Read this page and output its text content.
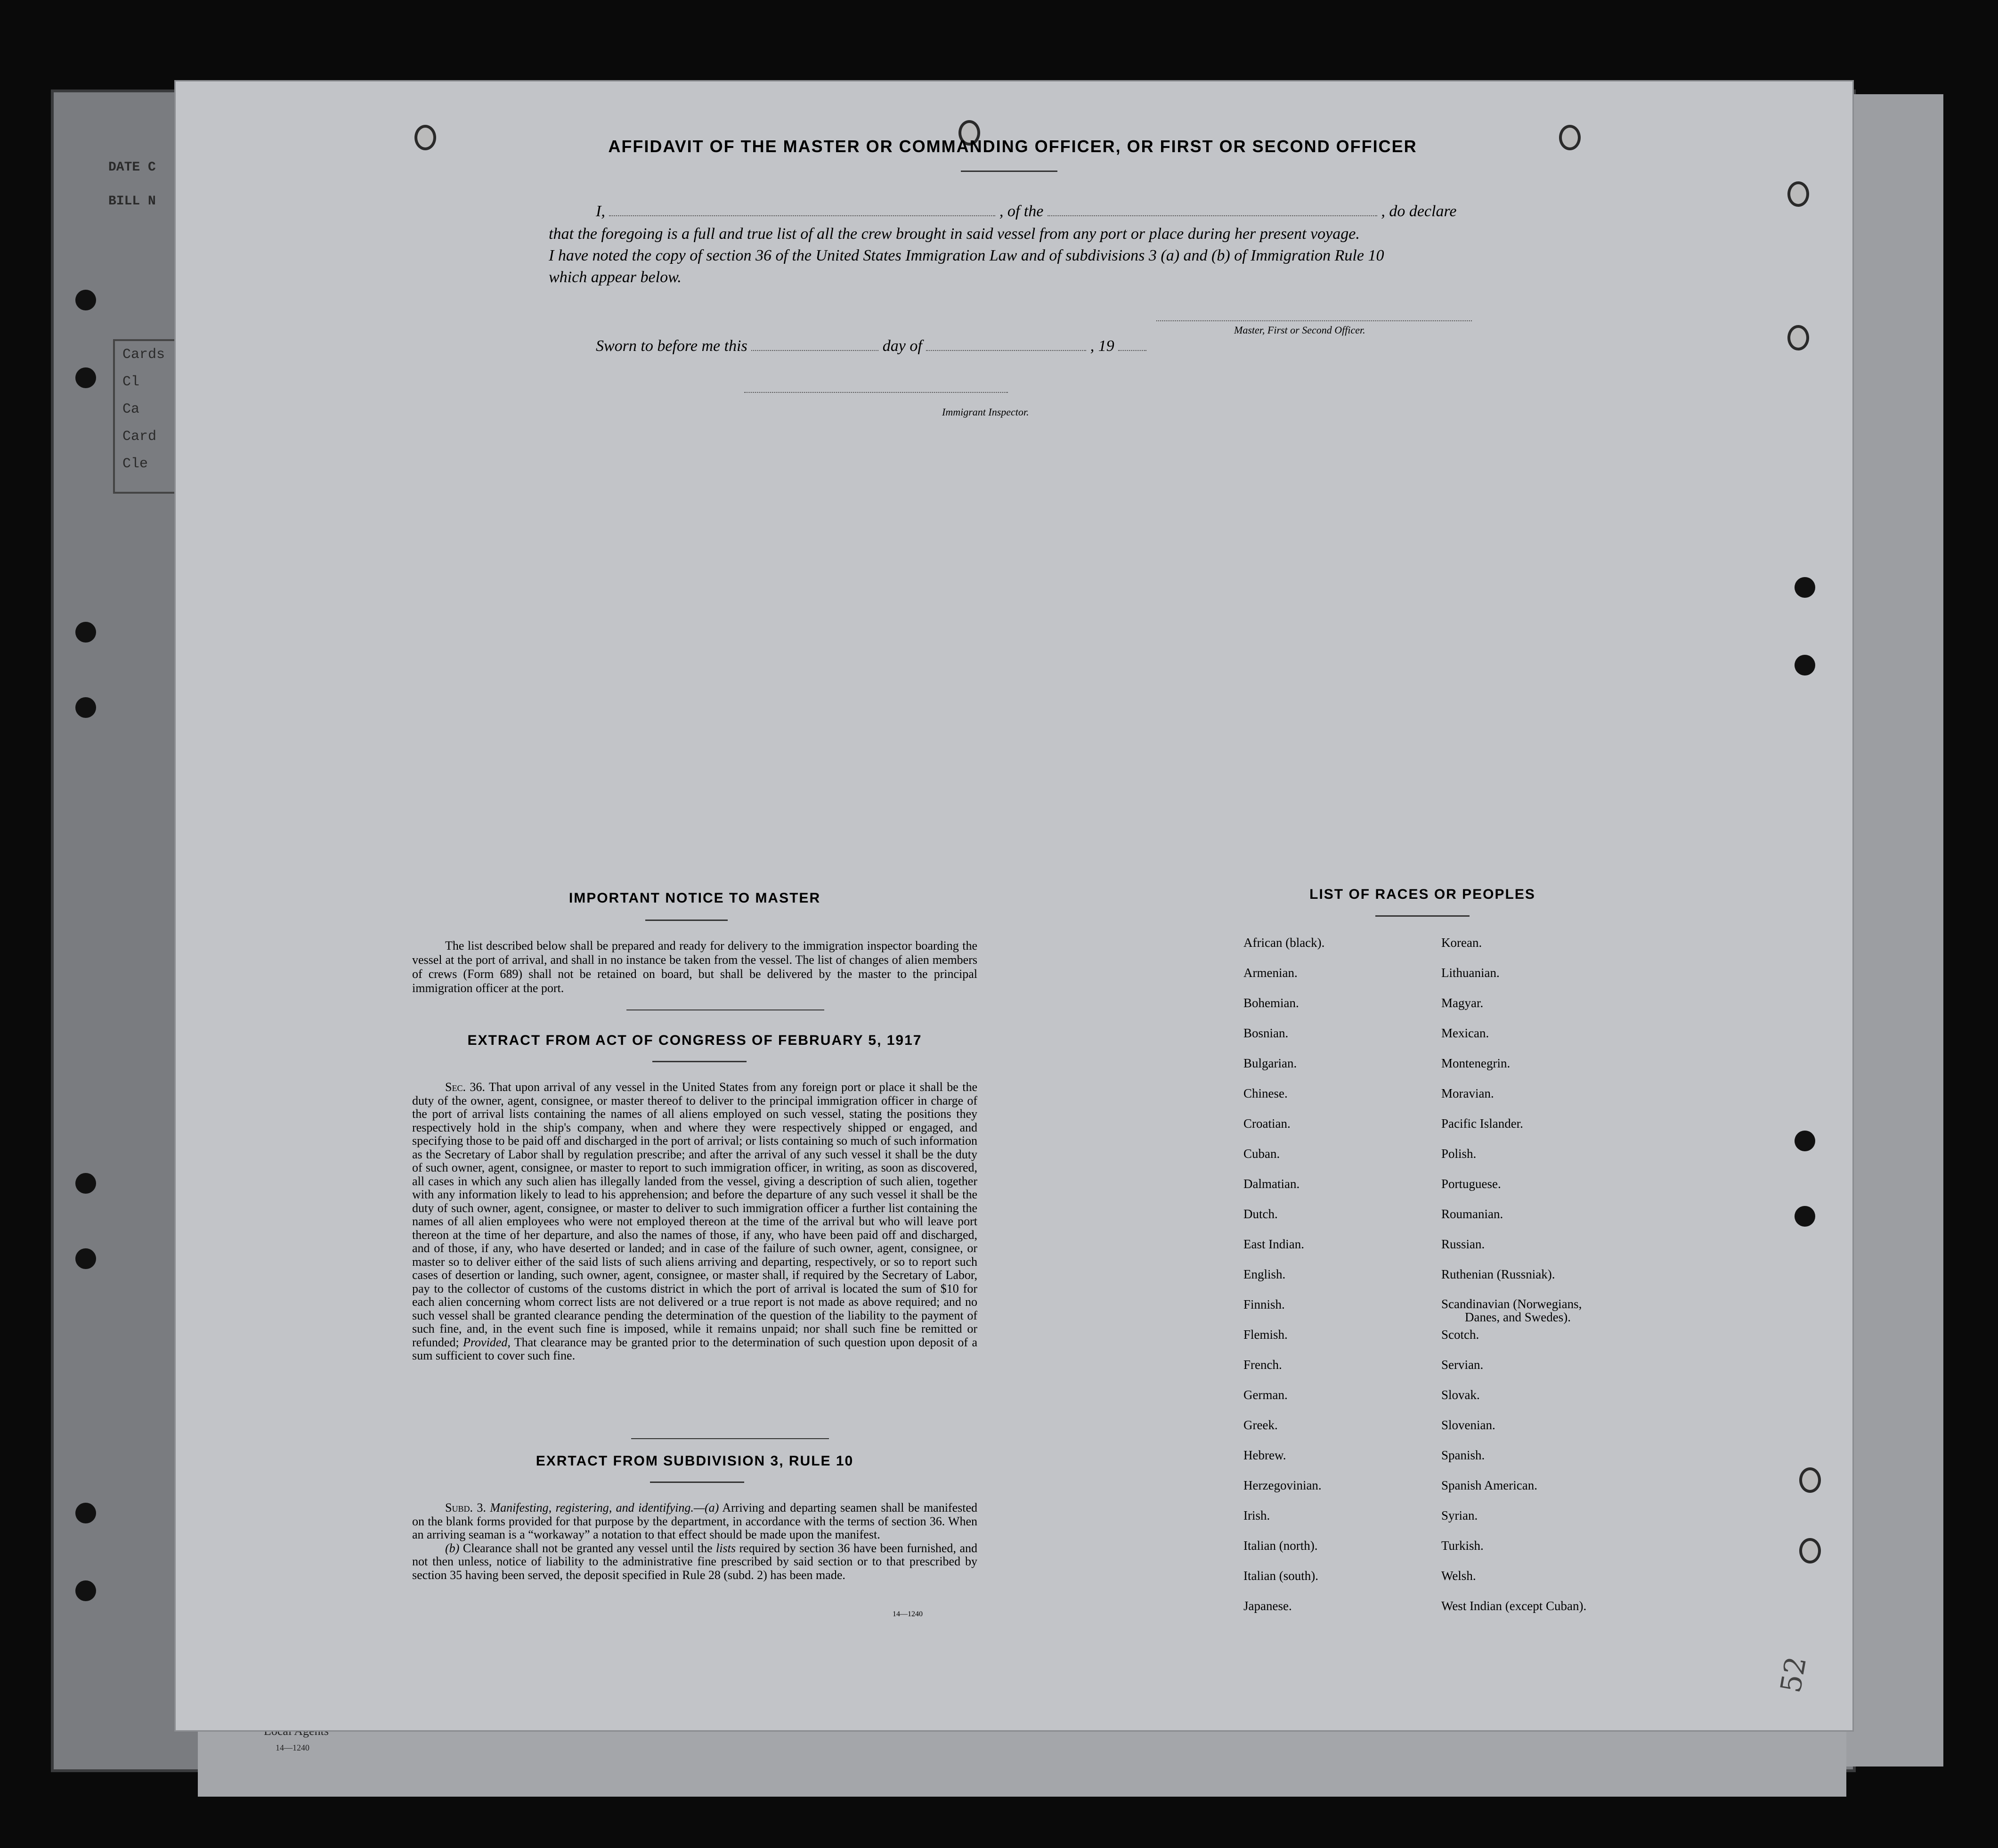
DATE C
BILL N
Cards
Cl
Ca
Card
Cle
14—1240
AFFIDAVIT OF THE MASTER OR COMMANDING OFFICER, OR FIRST OR SECOND OFFICER
I,	, of the	, do declare
that the foregoing is a full and true list of all the crew brought in said vessel from any port or place during her present voyage.
I have noted the copy of section 36 of the United States Immigration Law and of subdivisions 3 (a) and (b) of Immigration Rule 10
which appear below.
Master, First or Second Officer.
Sworn to before me this	day of	, 19
Immigrant Inspector.
IMPORTANT NOTICE TO MASTER
The list described below shall be prepared and ready for delivery to the immigration inspector boarding the vessel at the port of arrival, and shall in no instance be taken from the vessel. The list of changes of alien members of crews (Form 689) shall not be retained on board, but shall be delivered by the master to the principal immigration officer at the port.
EXTRACT FROM ACT OF CONGRESS OF FEBRUARY 5, 1917
Sec. 36. That upon arrival of any vessel in the United States from any foreign port or place it shall be the duty of the owner, agent, consignee, or master thereof to deliver to the principal immigration officer in charge of the port of arrival lists containing the names of all aliens employed on such vessel, stating the positions they respectively hold in the ship's company, when and where they were respectively shipped or engaged, and specifying those to be paid off and discharged in the port of arrival; or lists containing so much of such information as the Secretary of Labor shall by regulation prescribe; and after the arrival of any such vessel it shall be the duty of such owner, agent, consignee, or master to report to such immigration officer, in writing, as soon as discovered, all cases in which any such alien has illegally landed from the vessel, giving a description of such alien, together with any information likely to lead to his apprehension; and before the departure of any such vessel it shall be the duty of such owner, agent, consignee, or master to deliver to such immigration officer a further list containing the names of all alien employees who were not employed thereon at the time of the arrival but who will leave port thereon at the time of her departure, and also the names of those, if any, who have been paid off and discharged, and of those, if any, who have deserted or landed; and in case of the failure of such owner, agent, consignee, or master so to deliver either of the said lists of such aliens arriving and departing, respectively, or so to report such cases of desertion or landing, such owner, agent, consignee, or master shall, if required by the Secretary of Labor, pay to the collector of customs of the customs district in which the port of arrival is located the sum of $10 for each alien concerning whom correct lists are not delivered or a true report is not made as above required; and no such vessel shall be granted clearance pending the determination of the question of the liability to the payment of such fine, and, in the event such fine is imposed, while it remains unpaid; nor shall such fine be remitted or refunded; Provided, That clearance may be granted prior to the determination of such question upon deposit of a sum sufficient to cover such fine.
EXRTACT FROM SUBDIVISION 3, RULE 10
Subd. 3. Manifesting, registering, and identifying.—(a) Arriving and departing seamen shall be manifested on the blank forms provided for that purpose by the department, in accordance with the terms of section 36. When an arriving seaman is a “workaway” a notation to that effect should be made upon the manifest.
(b) Clearance shall not be granted any vessel until the lists required by section 36 have been furnished, and not then unless, notice of liability to the administrative fine prescribed by said section or to that prescribed by section 35 having been served, the deposit specified in Rule 28 (subd. 2) has been made.
14—1240
LIST OF RACES OR PEOPLES
African (black).
Armenian.
Bohemian.
Bosnian.
Bulgarian.
Chinese.
Croatian.
Cuban.
Dalmatian.
Dutch.
East Indian.
English.
Finnish.
Flemish.
French.
German.
Greek.
Hebrew.
Herzegovinian.
Irish.
Italian (north).
Italian (south).
Japanese.
Korean.
Lithuanian.
Magyar.
Mexican.
Montenegrin.
Moravian.
Pacific Islander.
Polish.
Portuguese.
Roumanian.
Russian.
Ruthenian (Russniak).
Scandinavian (Norwegians,
Danes, and Swedes).
Scotch.
Servian.
Slovak.
Slovenian.
Spanish.
Spanish American.
Syrian.
Turkish.
Welsh.
West Indian (except Cuban).
52
